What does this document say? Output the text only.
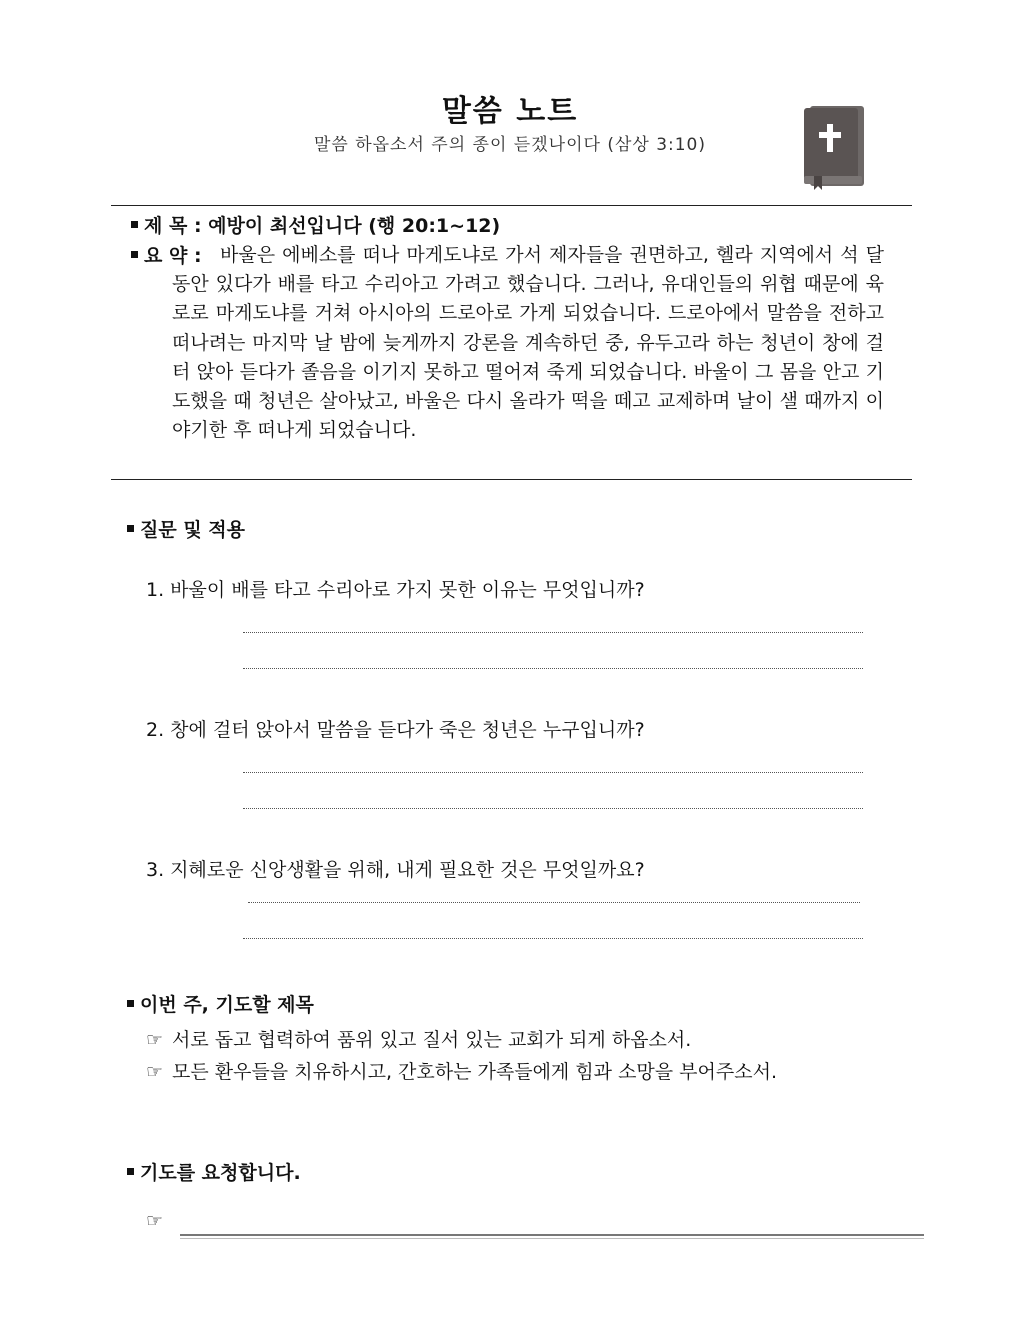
말씀 노트
말씀 하옵소서 주의 종이 듣겠나이다 (삼상 3:10)
제 목 : 예방이 최선입니다 (행 20:1~12)
요 약 : 바울은 에베소를 떠나 마게도냐로 가서 제자들을 권면하고, 헬라 지역에서 석 달 동안 있다가 배를 타고 수리아고 가려고 했습니다. 그러나, 유대인들의 위협 때문에 육로로 마게도냐를 거쳐 아시아의 드로아로 가게 되었습니다. 드로아에서 말씀을 전하고 떠나려는 마지막 날 밤에 늦게까지 강론을 계속하던 중, 유두고라 하는 청년이 창에 걸터 앉아 듣다가 졸음을 이기지 못하고 떨어져 죽게 되었습니다. 바울이 그 몸을 안고 기도했을 때 청년은 살아났고, 바울은 다시 올라가 떡을 떼고 교제하며 날이 샐 때까지 이야기한 후 떠나게 되었습니다.
질문 및 적용
1. 바울이 배를 타고 수리아로 가지 못한 이유는 무엇입니까?
2. 창에 걸터 앉아서 말씀을 듣다가 죽은 청년은 누구입니까?
3. 지혜로운 신앙생활을 위해, 내게 필요한 것은 무엇일까요?
이번 주, 기도할 제목
☞ 서로 돕고 협력하여 품위 있고 질서 있는 교회가 되게 하옵소서.
☞ 모든 환우들을 치유하시고, 간호하는 가족들에게 힘과 소망을 부어주소서.
기도를 요청합니다.
☞
